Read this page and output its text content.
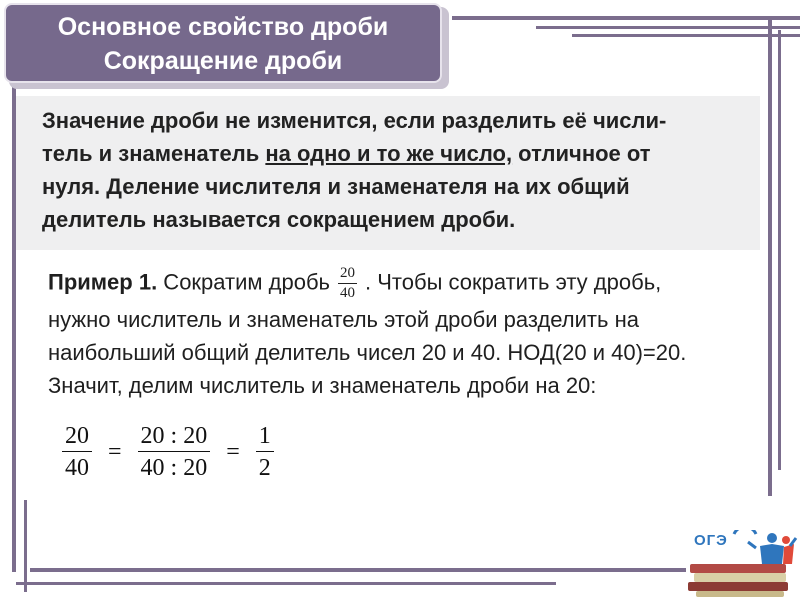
Основное свойство дроби
Сокращение дроби
Значение дроби не изменится, если разделить её числи-
тель и знаменатель на одно и то же число, отличное от
нуля. Деление числителя и знаменателя на их общий
делитель называется сокращением дроби.
Пример 1. Сократим дробь $\frac{20}{40}$ . Чтобы сократить эту дробь,
нужно числитель и знаменатель этой дроби разделить на
наибольший общий делитель чисел 20 и 40. НОД(20 и 40)=20.
Значит, делим числитель и знаменатель дроби на 20:
$\frac{20}{40} = \frac{20 : 20}{40 : 20} = \frac{1}{2}$
ОГЭ
